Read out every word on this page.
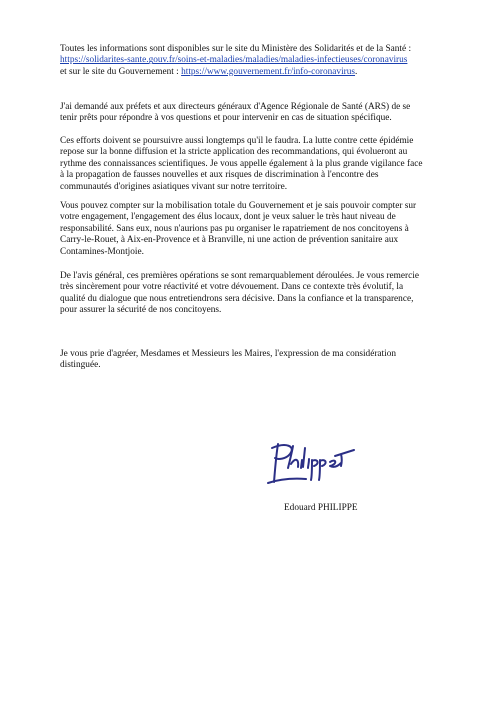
Toutes les informations sont disponibles sur le site du Ministère des Solidarités et de la Santé :
https://solidarites-sante.gouv.fr/soins-et-maladies/maladies/maladies-infectieuses/coronavirus
et sur le site du Gouvernement : https://www.gouvernement.fr/info-coronavirus.

J'ai demandé aux préfets et aux directeurs généraux d'Agence Régionale de Santé (ARS) de se
tenir prêts pour répondre à vos questions et pour intervenir en cas de situation spécifique.

Ces efforts doivent se poursuivre aussi longtemps qu'il le faudra. La lutte contre cette épidémie
repose sur la bonne diffusion et la stricte application des recommandations, qui évolueront au
rythme des connaissances scientifiques. Je vous appelle également à la plus grande vigilance face
à la propagation de fausses nouvelles et aux risques de discrimination à l'encontre des
communautés d'origines asiatiques vivant sur notre territoire.

Vous pouvez compter sur la mobilisation totale du Gouvernement et je sais pouvoir compter sur
votre engagement, l'engagement des élus locaux, dont je veux saluer le très haut niveau de
responsabilité. Sans eux, nous n'aurions pas pu organiser le rapatriement de nos concitoyens à
Carry-le-Rouet, à Aix-en-Provence et à Branville, ni une action de prévention sanitaire aux
Contamines-Montjoie.

De l'avis général, ces premières opérations se sont remarquablement déroulées. Je vous remercie
très sincèrement pour votre réactivité et votre dévouement. Dans ce contexte très évolutif, la
qualité du dialogue que nous entretiendrons sera décisive. Dans la confiance et la transparence,
pour assurer la sécurité de nos concitoyens.

Je vous prie d'agréer, Mesdames et Messieurs les Maires, l'expression de ma considération
distinguée.

Edouard PHILIPPE
